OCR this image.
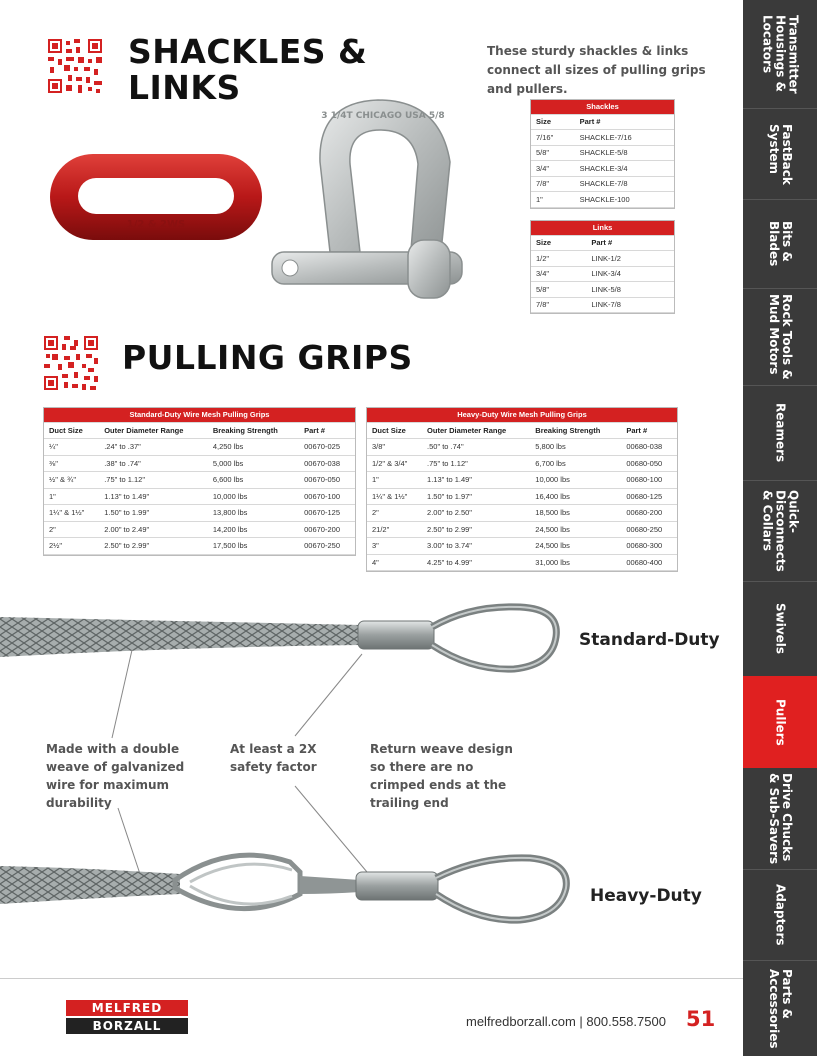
SHACKLES & LINKS
PULLING GRIPS
These sturdy shackles & links connect all sizes of pulling grips and pullers.
1/2 & 2WS
3 1/4T CHICAGO USA 5/8
Shackles	
Size	Part #
7/16"	SHACKLE-7/16
5/8"	SHACKLE-5/8
3/4"	SHACKLE-3/4
7/8"	SHACKLE-7/8
1"	SHACKLE-100
Links	
Size	Part #
1/2"	LINK-1/2
3/4"	LINK-3/4
5/8"	LINK-5/8
7/8"	LINK-7/8
Standard-Duty Wire Mesh Pulling Grips			
Duct Size	Outer Diameter Range	Breaking Strength	Part #
¼"	.24" to .37"	4,250 lbs	00670-025
⅜"	.38" to .74"	5,000 lbs	00670-038
½" & ¾"	.75" to 1.12"	6,600 lbs	00670-050
1"	1.13" to 1.49"	10,000 lbs	00670-100
1¼" & 1½"	1.50" to 1.99"	13,800 lbs	00670-125
2"	2.00" to 2.49"	14,200 lbs	00670-200
2½"	2.50" to 2.99"	17,500 lbs	00670-250
Heavy-Duty Wire Mesh Pulling Grips			
Duct Size	Outer Diameter Range	Breaking Strength	Part #
3/8"	.50" to .74"	5,800 lbs	00680-038
1/2" & 3/4"	.75" to 1.12"	6,700 lbs	00680-050
1"	1.13" to 1.49"	10,000 lbs	00680-100
1¼" & 1½"	1.50" to 1.97"	16,400 lbs	00680-125
2"	2.00" to 2.50"	18,500 lbs	00680-200
21/2"	2.50" to 2.99"	24,500 lbs	00680-250
3"	3.00" to 3.74"	24,500 lbs	00680-300
4"	4.25" to 4.99"	31,000 lbs	00680-400
Standard-Duty
Made with a double weave of galvanized wire for maximum durability
At least a 2X safety factor
Return weave design so there are no crimped ends at the trailing end
Heavy-Duty
Transmitter
Housings &
Locators
FastBack
System
Bits &
Blades
Rock Tools &
Mud Motors
Reamers
Quick-
Disconnects
& Collars
Swivels
Pullers
Drive Chucks
& Sub-Savers
Adapters
Parts &
Accessories
MELFRED
BORZALL	melfredborzall.com | 800.558.7500 51
